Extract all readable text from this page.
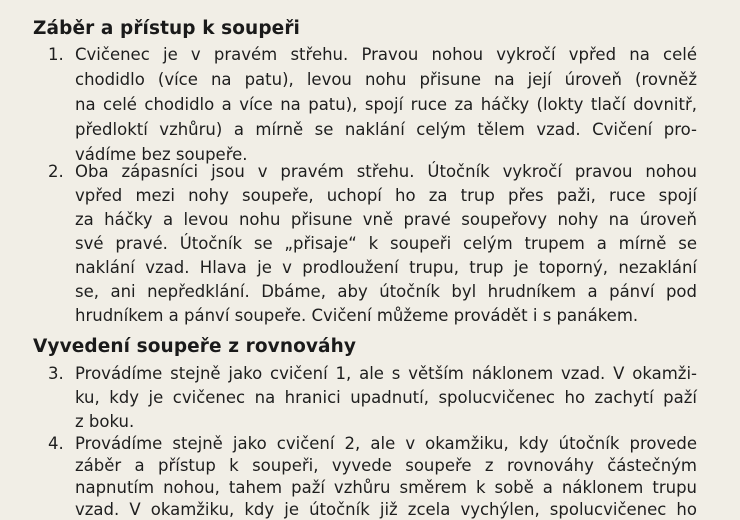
Záběr a přístup k soupeři
1. Cvičenec je v pravém střehu. Pravou nohou vykročí vpřed na celé
chodidlo (více na patu), levou nohu přisune na její úroveň (rovněž
na celé chodidlo a více na patu), spojí ruce za háčky (lokty tlačí dovnitř,
předloktí vzhůru) a mírně se naklání celým tělem vzad. Cvičení pro-
vádíme bez soupeře.
2. Oba zápasníci jsou v pravém střehu. Útočník vykročí pravou nohou
vpřed mezi nohy soupeře, uchopí ho za trup přes paži, ruce spojí
za háčky a levou nohu přisune vně pravé soupeřovy nohy na úroveň
své pravé. Útočník se „přisaje“ k soupeři celým trupem a mírně se
naklání vzad. Hlava je v prodloužení trupu, trup je toporný, nezaklání
se, ani nepředklání. Dbáme, aby útočník byl hrudníkem a pánví pod
hrudníkem a pánví soupeře. Cvičení můžeme provádět i s panákem.
Vyvedení soupeře z rovnováhy
3. Provádíme stejně jako cvičení 1, ale s větším náklonem vzad. V okamži-
ku, kdy je cvičenec na hranici upadnutí, spolucvičenec ho zachytí paží
z boku.
4. Provádíme stejně jako cvičení 2, ale v okamžiku, kdy útočník provede
záběr a přístup k soupeři, vyvede soupeře z rovnováhy částečným
napnutím nohou, tahem paží vzhůru směrem k sobě a náklonem trupu
vzad. V okamžiku, kdy je útočník již zcela vychýlen, spolucvičenec ho
